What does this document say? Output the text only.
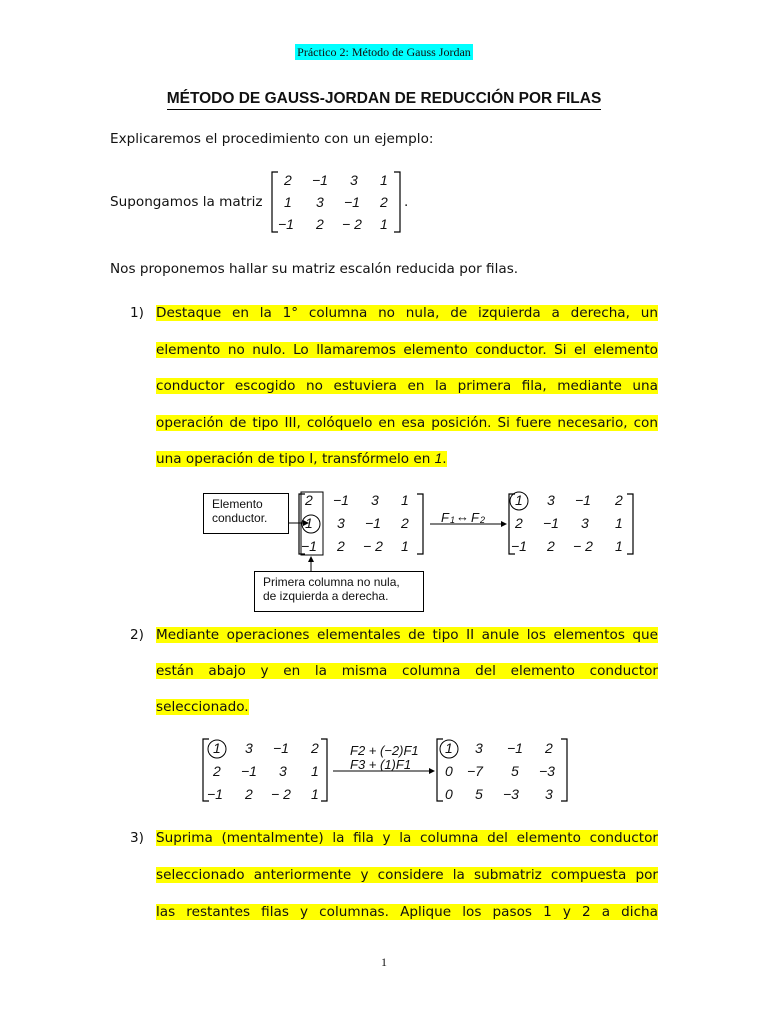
Práctico 2: Método de Gauss Jordan
MÉTODO DE GAUSS-JORDAN DE REDUCCIÓN POR FILAS
Explicaremos el procedimiento con un ejemplo:
Supongamos la matriz
2 −1 3 1
1 3 −1 2
−1 2 − 2 1
.
Nos proponemos hallar su matriz escalón reducida por filas.
1) Destaque en la 1° columna no nula, de izquierda a derecha, un
elemento no nulo. Lo llamaremos elemento conductor. Si el elemento
conductor escogido no estuviera en la primera fila, mediante una
operación de tipo III, colóquelo en esa posición. Si fuere necesario, con
una operación de tipo I, transfórmelo en 1.
Elemento
conductor.
Primera columna no nula,
de izquierda a derecha.
2 −1 3 1
1 3 −1 2
−1 2 − 2 1
F 1 ↔ F 2
1 3 −1 2
2 −1 3 1
−1 2 − 2 1
2) Mediante operaciones elementales de tipo II anule los elementos que
están abajo y en la misma columna del elemento conductor
seleccionado.
1 3 −1 2
2 −1 3 1
−1 2 − 2 1
F2 + (−2)F1
F3 + (1)F1
1 3 −1 2
0 −7 5 −3
0 5 −3 3
3) Suprima (mentalmente) la fila y la columna del elemento conductor
seleccionado anteriormente y considere la submatriz compuesta por
las restantes filas y columnas. Aplique los pasos 1 y 2 a dicha
1
